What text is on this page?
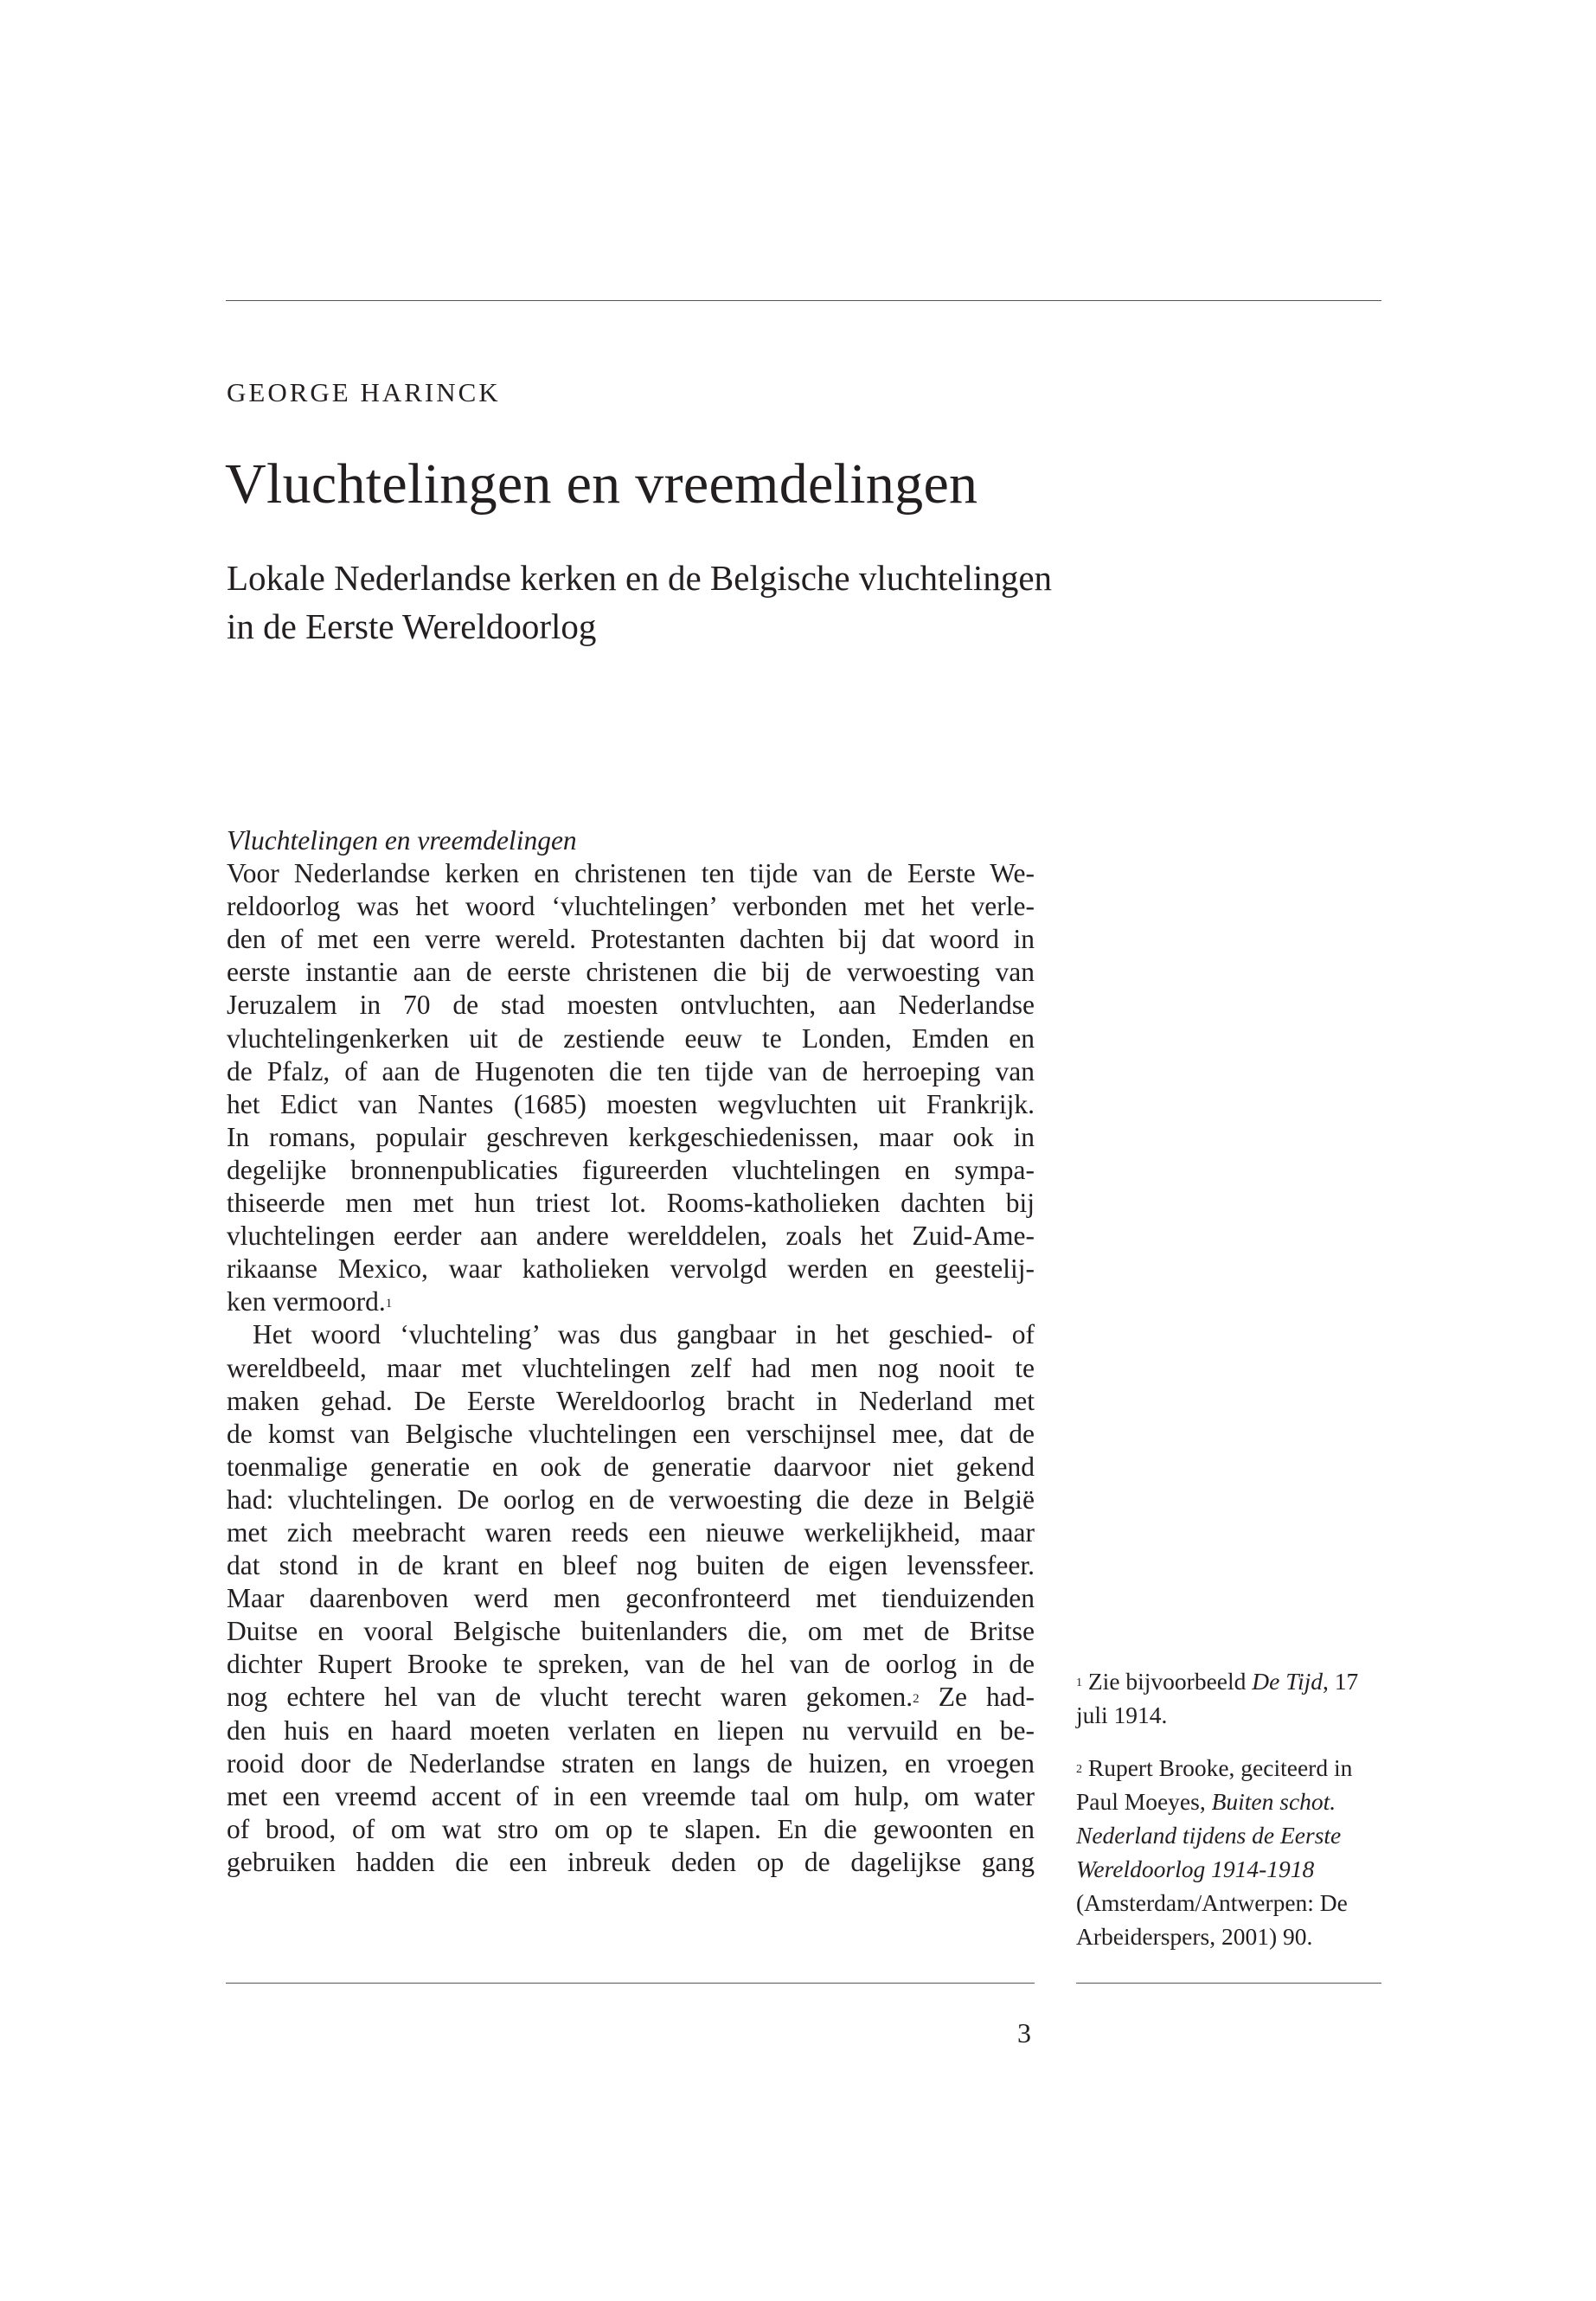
GEORGE HARINCK
Vluchtelingen en vreemdelingen
Lokale Nederlandse kerken en de Belgische vluchtelingen
in de Eerste Wereldoorlog
Vluchtelingen en vreemdelingen
Voor Nederlandse kerken en christenen ten tijde van de Eerste We-
reldoorlog was het woord ‘vluchtelingen’ verbonden met het verle-
den of met een verre wereld. Protestanten dachten bij dat woord in
eerste instantie aan de eerste christenen die bij de verwoesting van
Jeruzalem in 70 de stad moesten ontvluchten, aan Nederlandse
vluchtelingenkerken uit de zestiende eeuw te Londen, Emden en
de Pfalz, of aan de Hugenoten die ten tijde van de herroeping van
het Edict van Nantes (1685) moesten wegvluchten uit Frankrijk.
In romans, populair geschreven kerkgeschiedenissen, maar ook in
degelijke bronnenpublicaties figureerden vluchtelingen en sympa-
thiseerde men met hun triest lot. Rooms-katholieken dachten bij
vluchtelingen eerder aan andere werelddelen, zoals het Zuid-Ame-
rikaanse Mexico, waar katholieken vervolgd werden en geestelij-
ken vermoord.$^1$
Het woord ‘vluchteling’ was dus gangbaar in het geschied- of
wereldbeeld, maar met vluchtelingen zelf had men nog nooit te
maken gehad. De Eerste Wereldoorlog bracht in Nederland met
de komst van Belgische vluchtelingen een verschijnsel mee, dat de
toenmalige generatie en ook de generatie daarvoor niet gekend
had: vluchtelingen. De oorlog en de verwoesting die deze in België
met zich meebracht waren reeds een nieuwe werkelijkheid, maar
dat stond in de krant en bleef nog buiten de eigen levenssfeer.
Maar daarenboven werd men geconfronteerd met tienduizenden
Duitse en vooral Belgische buitenlanders die, om met de Britse
dichter Rupert Brooke te spreken, van de hel van de oorlog in de
nog echtere hel van de vlucht terecht waren gekomen.$^2$ Ze had-
den huis en haard moeten verlaten en liepen nu vervuild en be-
rooid door de Nederlandse straten en langs de huizen, en vroegen
met een vreemd accent of in een vreemde taal om hulp, om water
of brood, of om wat stro om op te slapen. En die gewoonten en
gebruiken hadden die een inbreuk deden op de dagelijkse gang
$^1$ Zie bijvoorbeeld De Tijd, 17 juli 1914.
$^2$ Rupert Brooke, geciteerd in Paul Moeyes, Buiten schot. Nederland tijdens de Eerste Wereldoorlog 1914-1918 (Amsterdam/Antwerpen: De Arbeiderspers, 2001) 90.
3
